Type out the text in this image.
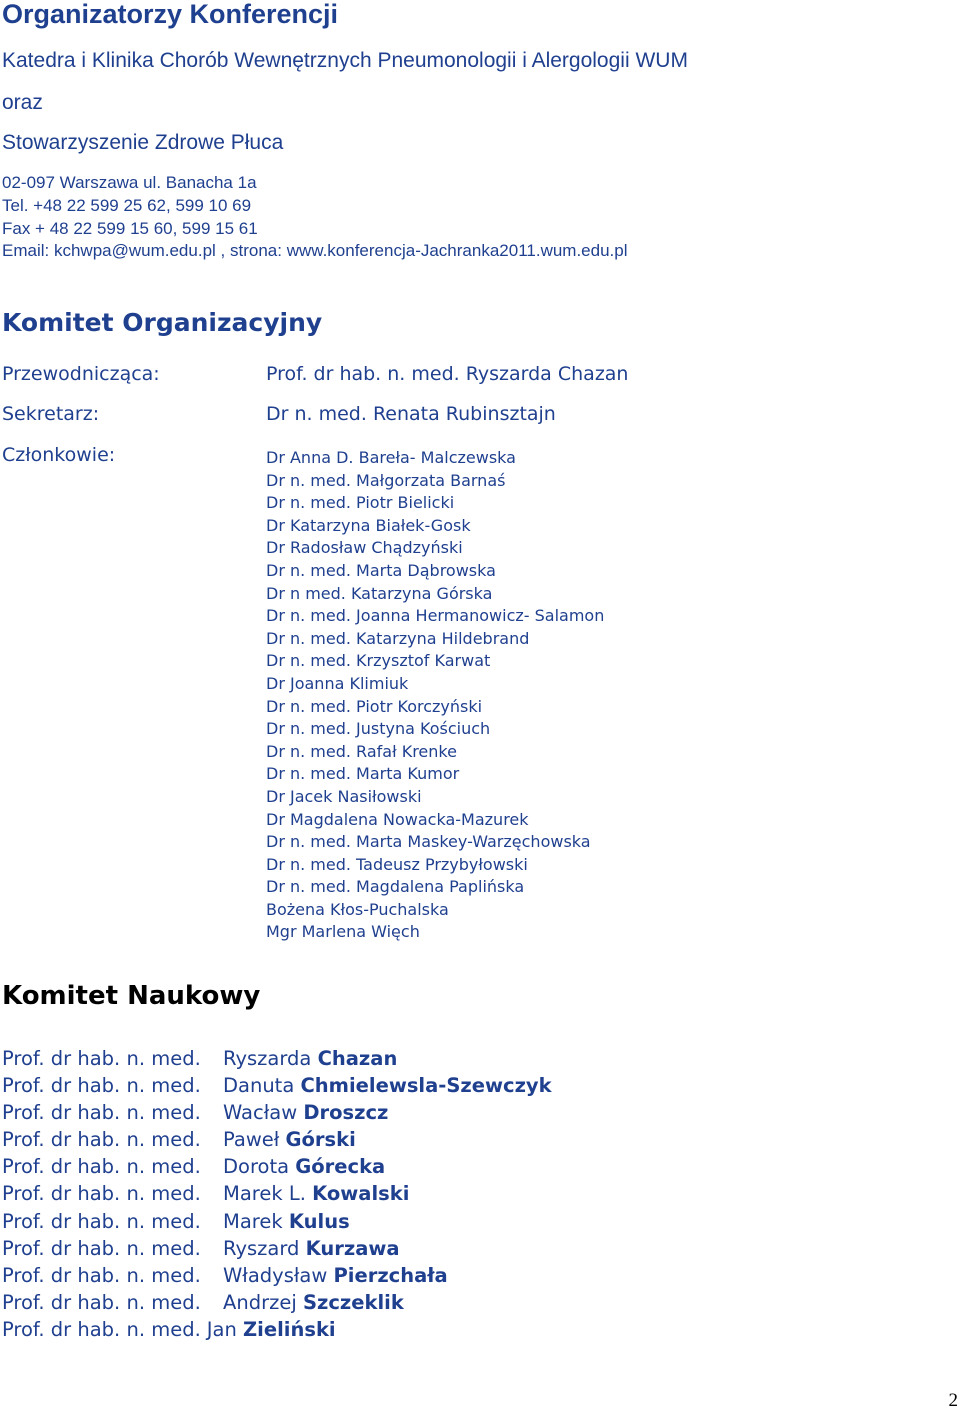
Organizatorzy Konferencji
Katedra i Klinika Chorób Wewnętrznych Pneumonologii i Alergologii WUM
oraz
Stowarzyszenie Zdrowe Płuca
02-097 Warszawa ul. Banacha 1a
Tel. +48 22 599 25 62, 599 10 69
Fax + 48 22 599 15 60, 599 15 61
Email: kchwpa@wum.edu.pl , strona: www.konferencja-Jachranka2011.wum.edu.pl
Komitet Organizacyjny
Przewodnicząca:	Prof. dr hab. n. med. Ryszarda Chazan
Sekretarz:	Dr n. med. Renata Rubinsztajn
Członkowie:	Dr Anna D. Bareła- Malczewska
Dr n. med. Małgorzata Barnaś
Dr n. med. Piotr Bielicki
Dr Katarzyna Białek-Gosk
Dr Radosław Chądzyński
Dr n. med. Marta Dąbrowska
Dr n med. Katarzyna Górska
Dr n. med. Joanna Hermanowicz- Salamon
Dr n. med. Katarzyna Hildebrand
Dr n. med. Krzysztof Karwat
Dr Joanna Klimiuk
Dr n. med. Piotr Korczyński
Dr n. med. Justyna Kościuch
Dr n. med. Rafał Krenke
Dr n. med. Marta Kumor
Dr Jacek Nasiłowski
Dr Magdalena Nowacka-Mazurek
Dr n. med. Marta Maskey-Warzęchowska
Dr n. med. Tadeusz Przybyłowski
Dr n. med. Magdalena Paplińska
Bożena Kłos-Puchalska
Mgr Marlena Więch
Komitet Naukowy
Prof. dr hab. n. med. Ryszarda Chazan
Prof. dr hab. n. med. Danuta Chmielewsla-Szewczyk
Prof. dr hab. n. med. Wacław Droszcz
Prof. dr hab. n. med. Paweł Górski
Prof. dr hab. n. med. Dorota Górecka
Prof. dr hab. n. med. Marek L. Kowalski
Prof. dr hab. n. med. Marek Kulus
Prof. dr hab. n. med. Ryszard Kurzawa
Prof. dr hab. n. med. Władysław Pierzchała
Prof. dr hab. n. med. Andrzej Szczeklik
Prof. dr hab. n. med. Jan Zieliński
2
